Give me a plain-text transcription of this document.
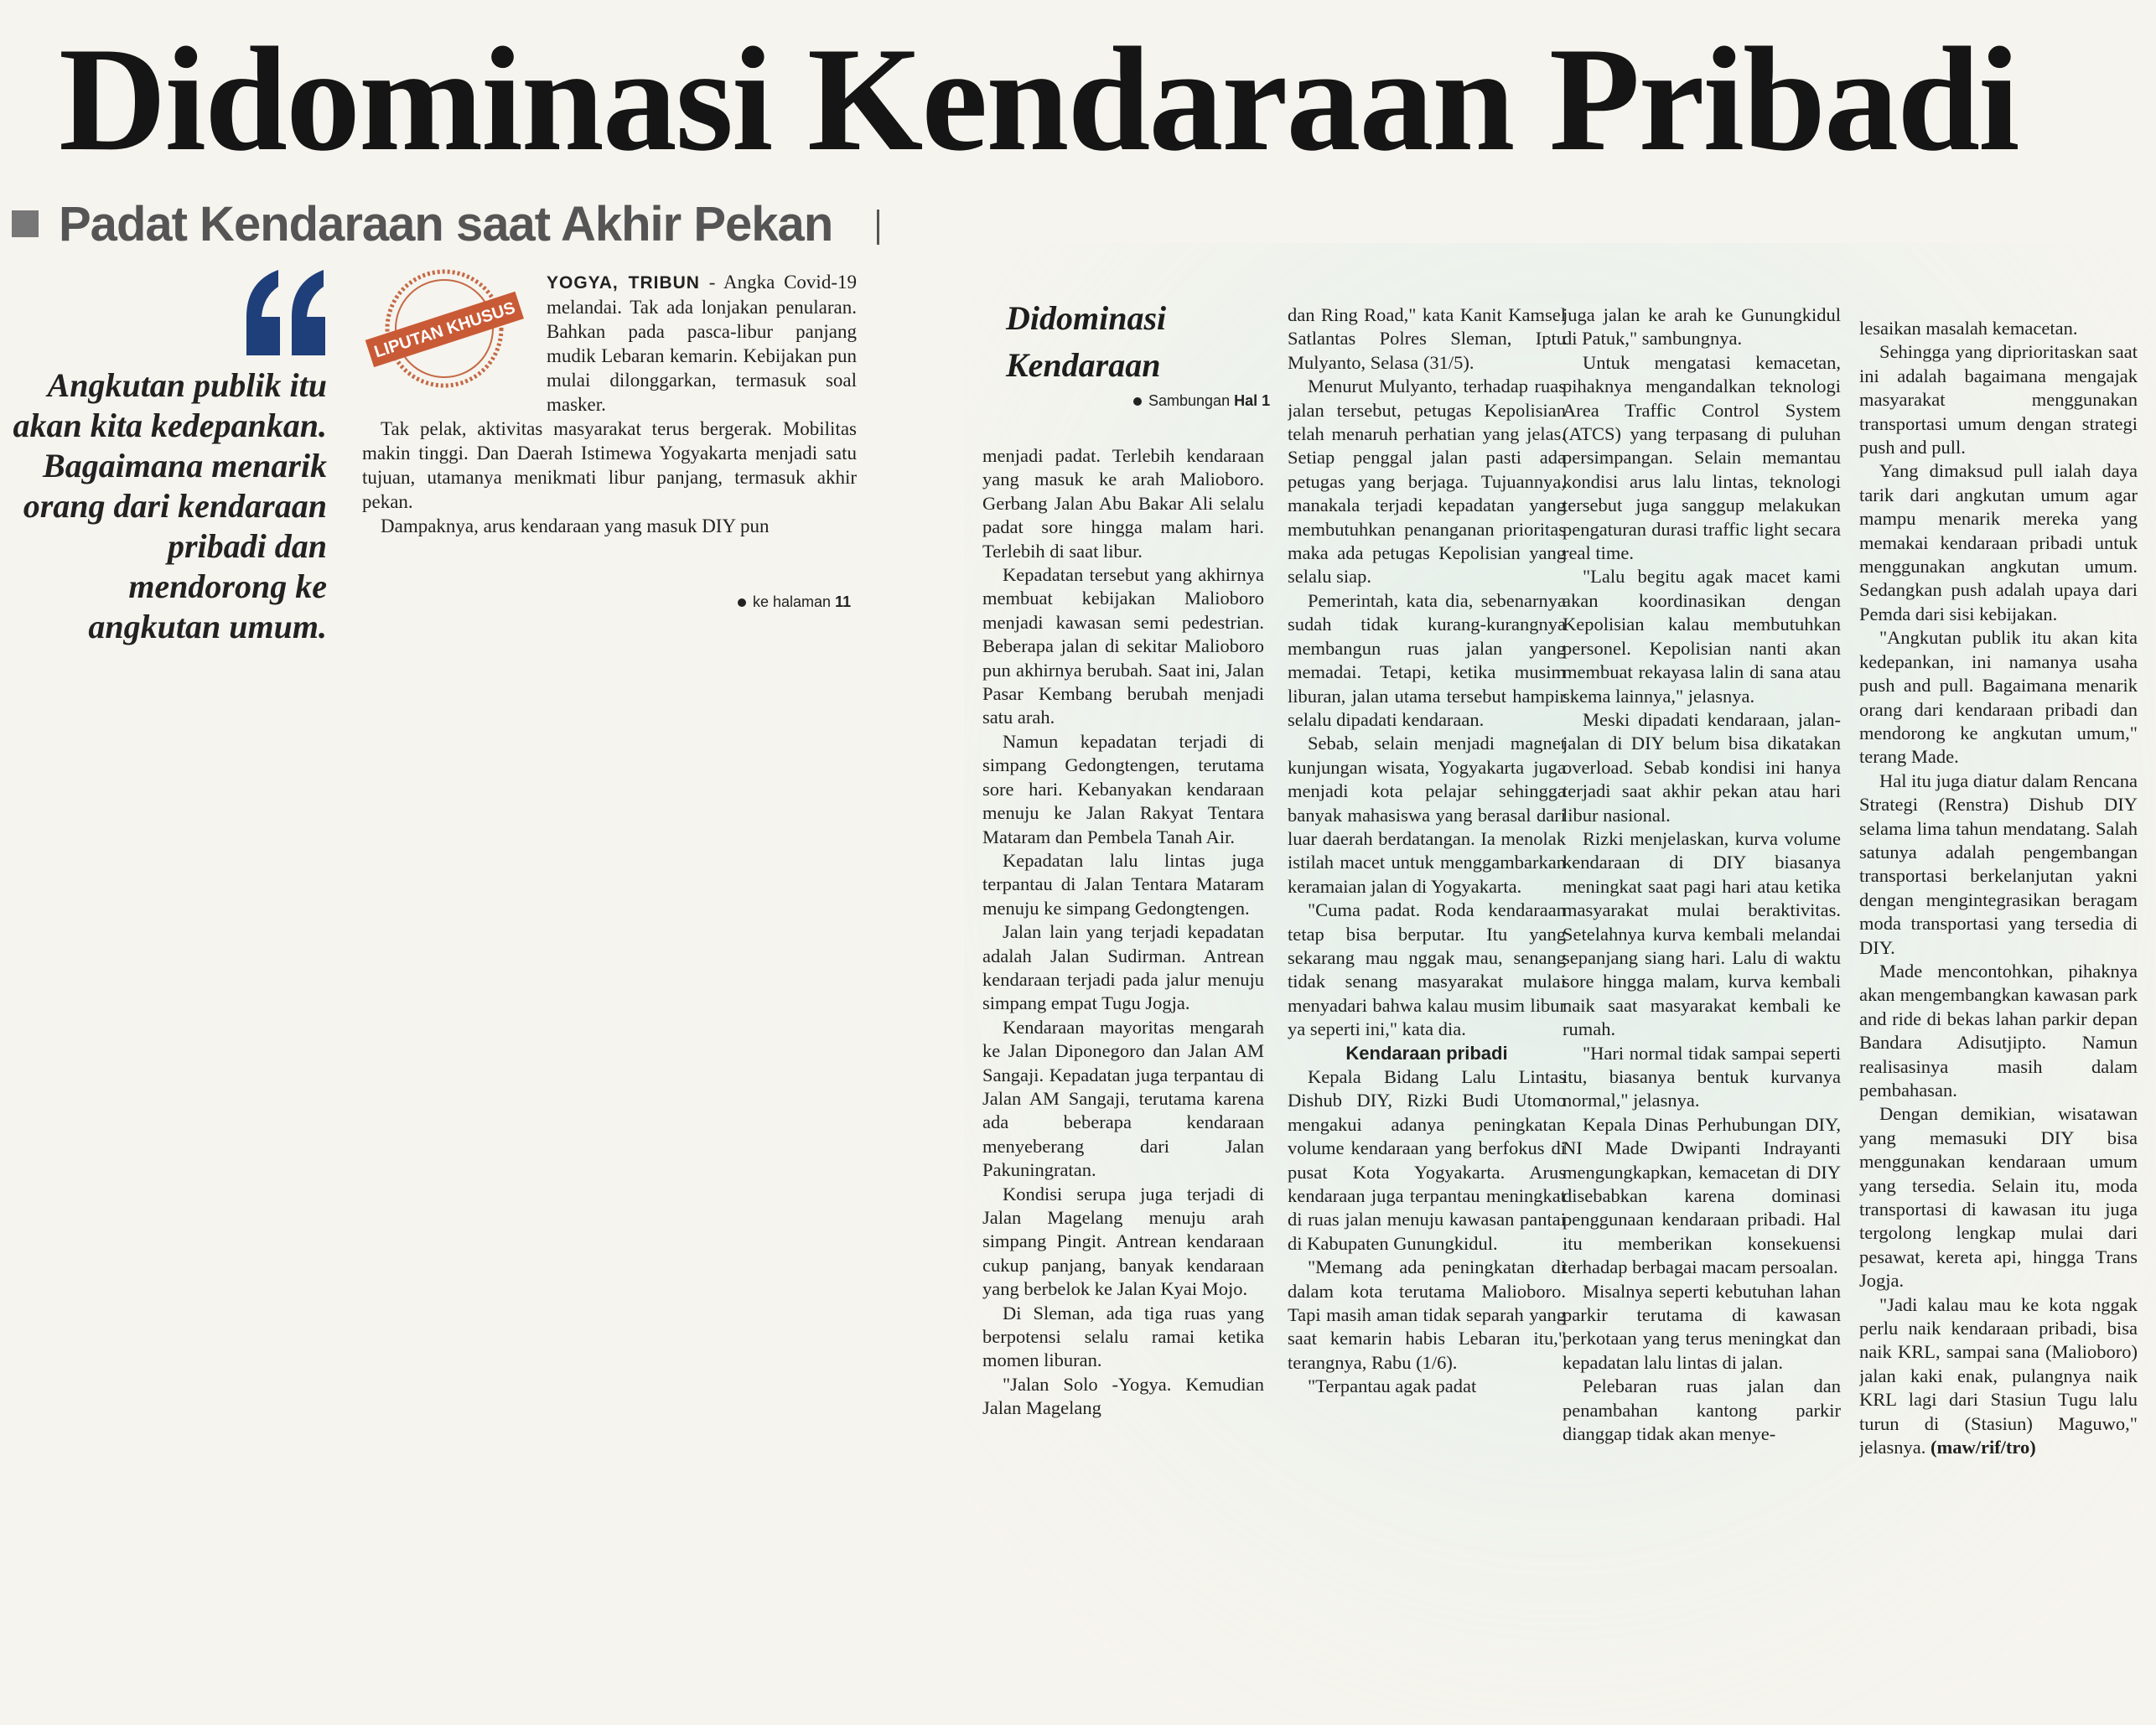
Didominasi Kendaraan Pribadi
Padat Kendaraan saat Akhir Pekan
Angkutan publik itu akan kita kedepankan. Bagaimana menarik orang dari kendaraan pribadi dan mendorong ke angkutan umum.
LIPUTAN KHUSUS

YOGYA, TRIBUN - Angka Covid-19 melandai. Tak ada lonjakan penularan. Bahkan pada pasca-libur panjang mudik Lebaran kemarin. Kebijakan pun mulai dilonggarkan, termasuk soal masker.

Tak pelak, aktivitas masyarakat terus bergerak. Mobilitas makin tinggi. Dan Daerah Istimewa Yogyakarta menjadi satu tujuan, utamanya menikmati libur panjang, termasuk akhir pekan.

Dampaknya, arus kendaraan yang masuk DIY pun

ke halaman 11
Didominasi Kendaraan
Sambungan Hal 1

menjadi padat. Terlebih kendaraan yang masuk ke arah Malioboro. Gerbang Jalan Abu Bakar Ali selalu padat sore hingga malam hari. Terlebih di saat libur.

Kepadatan tersebut yang akhirnya membuat kebijakan Malioboro menjadi kawasan semi pedestrian. Beberapa jalan di sekitar Malioboro pun akhirnya berubah. Saat ini, Jalan Pasar Kembang berubah menjadi satu arah.

Namun kepadatan terjadi di simpang Gedongtengen, terutama sore hari. Kebanyakan kendaraan menuju ke Jalan Rakyat Tentara Mataram dan Pembela Tanah Air.

Kepadatan lalu lintas juga terpantau di Jalan Tentara Mataram menuju ke simpang Gedongtengen.

Jalan lain yang terjadi kepadatan adalah Jalan Sudirman. Antrean kendaraan terjadi pada jalur menuju simpang empat Tugu Jogja.

Kendaraan mayoritas mengarah ke Jalan Diponegoro dan Jalan AM Sangaji. Kepadatan juga terpantau di Jalan AM Sangaji, terutama karena ada beberapa kendaraan menyeberang dari Jalan Pakuningratan.

Kondisi serupa juga terjadi di Jalan Magelang menuju arah simpang Pingit. Antrean kendaraan cukup panjang, banyak kendaraan yang berbelok ke Jalan Kyai Mojo.

Di Sleman, ada tiga ruas yang berpotensi selalu ramai ketika momen liburan.

"Jalan Solo -Yogya. Kemudian Jalan Magelang

dan Ring Road," kata Kanit Kamsel Satlantas Polres Sleman, Iptu Mulyanto, Selasa (31/5).

Menurut Mulyanto, terhadap ruas jalan tersebut, petugas Kepolisian telah menaruh perhatian yang jelas. Setiap penggal jalan pasti ada petugas yang berjaga. Tujuannya, manakala terjadi kepadatan yang membutuhkan penanganan prioritas maka ada petugas Kepolisian yang selalu siap.

Pemerintah, kata dia, sebenarnya sudah tidak kurang-kurangnya membangun ruas jalan yang memadai. Tetapi, ketika musim liburan, jalan utama tersebut hampir selalu dipadati kendaraan.

Sebab, selain menjadi magnet kunjungan wisata, Yogyakarta juga menjadi kota pelajar sehingga banyak mahasiswa yang berasal dari luar daerah berdatangan. Ia menolak istilah macet untuk menggambarkan keramaian jalan di Yogyakarta.

"Cuma padat. Roda kendaraan tetap bisa berputar. Itu yang sekarang mau nggak mau, senang tidak senang masyarakat mulai menyadari bahwa kalau musim libur ya seperti ini," kata dia.

Kendaraan pribadi

Kepala Bidang Lalu Lintas Dishub DIY, Rizki Budi Utomo mengakui adanya peningkatan volume kendaraan yang berfokus di pusat Kota Yogyakarta. Arus kendaraan juga terpantau meningkat di ruas jalan menuju kawasan pantai di Kabupaten Gunungkidul.

"Memang ada peningkatan di dalam kota terutama Malioboro. Tapi masih aman tidak separah yang saat kemarin habis Lebaran itu," terangnya, Rabu (1/6).

"Terpantau agak padat

juga jalan ke arah ke Gunungkidul di Patuk," sambungnya.

Untuk mengatasi kemacetan, pihaknya mengandalkan teknologi Area Traffic Control System (ATCS) yang terpasang di puluhan persimpangan. Selain memantau kondisi arus lalu lintas, teknologi tersebut juga sanggup melakukan pengaturan durasi traffic light secara real time.

"Lalu begitu agak macet kami akan koordinasikan dengan Kepolisian kalau membutuhkan personel. Kepolisian nanti akan membuat rekayasa lalin di sana atau skema lainnya," jelasnya.

Meski dipadati kendaraan, jalan-jalan di DIY belum bisa dikatakan overload. Sebab kondisi ini hanya terjadi saat akhir pekan atau hari libur nasional.

Rizki menjelaskan, kurva volume kendaraan di DIY biasanya meningkat saat pagi hari atau ketika masyarakat mulai beraktivitas. Setelahnya kurva kembali melandai sepanjang siang hari. Lalu di waktu sore hingga malam, kurva kembali naik saat masyarakat kembali ke rumah.

"Hari normal tidak sampai seperti itu, biasanya bentuk kurvanya normal," jelasnya.

Kepala Dinas Perhubungan DIY, NI Made Dwipanti Indrayanti mengungkapkan, kemacetan di DIY disebabkan karena dominasi penggunaan kendaraan pribadi. Hal itu memberikan konsekuensi terhadap berbagai macam persoalan.

Misalnya seperti kebutuhan lahan parkir terutama di kawasan perkotaan yang terus meningkat dan kepadatan lalu lintas di jalan.

Pelebaran ruas jalan dan penambahan kantong parkir dianggap tidak akan menye-

lesaikan masalah kemacetan.

Sehingga yang diprioritaskan saat ini adalah bagaimana mengajak masyarakat menggunakan transportasi umum dengan strategi push and pull.

Yang dimaksud pull ialah daya tarik dari angkutan umum agar mampu menarik mereka yang memakai kendaraan pribadi untuk menggunakan angkutan umum. Sedangkan push adalah upaya dari Pemda dari sisi kebijakan.

"Angkutan publik itu akan kita kedepankan, ini namanya usaha push and pull. Bagaimana menarik orang dari kendaraan pribadi dan mendorong ke angkutan umum," terang Made.

Hal itu juga diatur dalam Rencana Strategi (Renstra) Dishub DIY selama lima tahun mendatang. Salah satunya adalah pengembangan transportasi berkelanjutan yakni dengan mengintegrasikan beragam moda transportasi yang tersedia di DIY.

Made mencontohkan, pihaknya akan mengembangkan kawasan park and ride di bekas lahan parkir depan Bandara Adisutjipto. Namun realisasinya masih dalam pembahasan.

Dengan demikian, wisatawan yang memasuki DIY bisa menggunakan kendaraan umum yang tersedia. Selain itu, moda transportasi di kawasan itu juga tergolong lengkap mulai dari pesawat, kereta api, hingga Trans Jogja.

"Jadi kalau mau ke kota nggak perlu naik kendaraan pribadi, bisa naik KRL, sampai sana (Malioboro) jalan kaki enak, pulangnya naik KRL lagi dari Stasiun Tugu lalu turun di (Stasiun) Maguwo," jelasnya. (maw/rif/tro)
